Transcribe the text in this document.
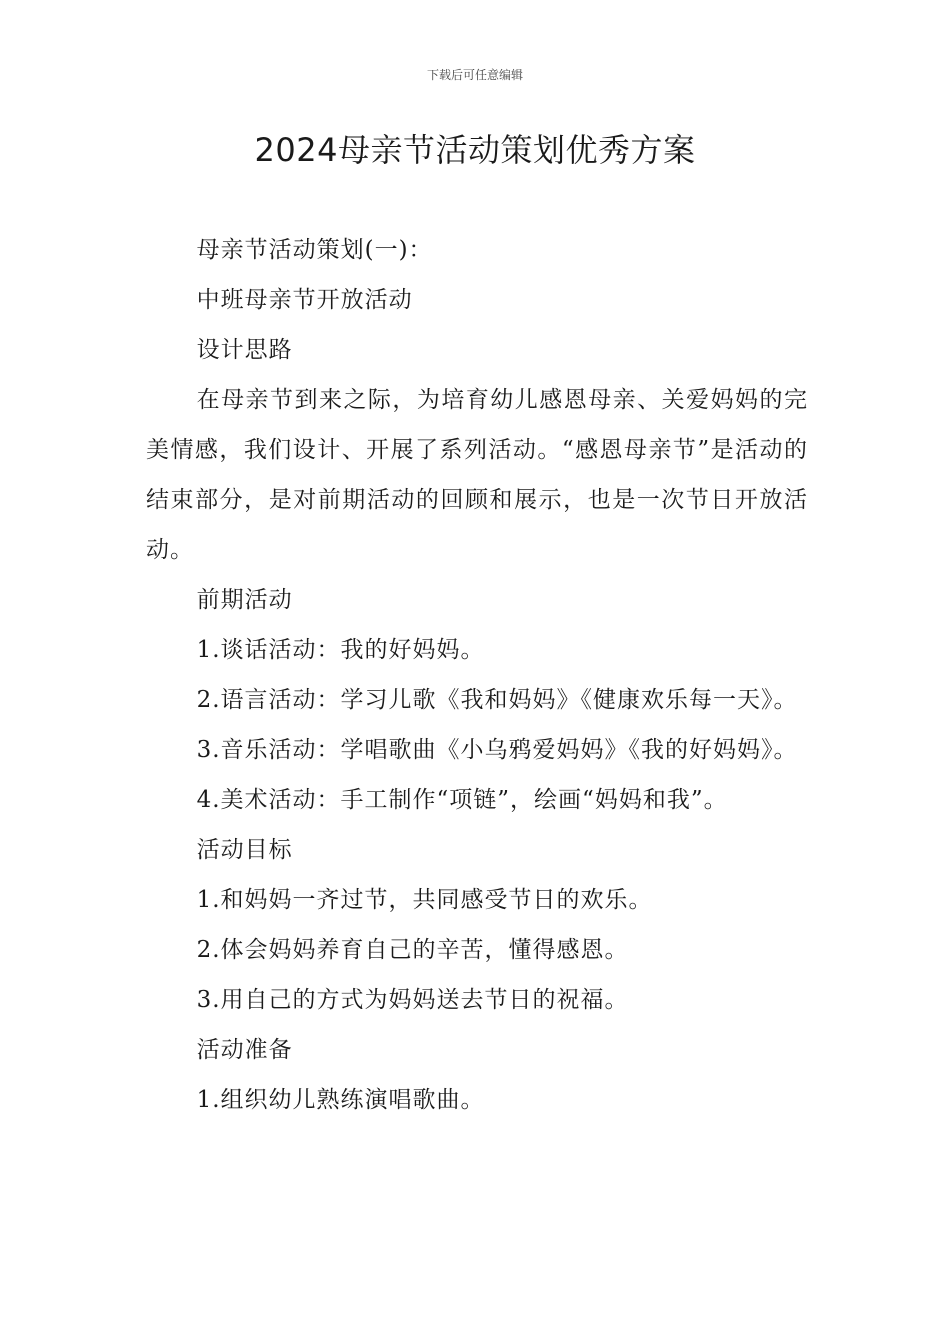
下载后可任意编辑
2024母亲节活动策划优秀方案

母亲节活动策划(一)：

中班母亲节开放活动

设计思路

在母亲节到来之际，为培育幼儿感恩母亲、关爱妈妈的完美情感，我们设计、开展了系列活动。“感恩母亲节”是活动的结束部分，是对前期活动的回顾和展示，也是一次节日开放活动。

前期活动

1.谈话活动：我的好妈妈。

2.语言活动：学习儿歌《我和妈妈》《健康欢乐每一天》。

3.音乐活动：学唱歌曲《小乌鸦爱妈妈》《我的好妈妈》。

4.美术活动：手工制作“项链”，绘画“妈妈和我”。

活动目标

1.和妈妈一齐过节，共同感受节日的欢乐。

2.体会妈妈养育自己的辛苦，懂得感恩。

3.用自己的方式为妈妈送去节日的祝福。

活动准备

1.组织幼儿熟练演唱歌曲。
